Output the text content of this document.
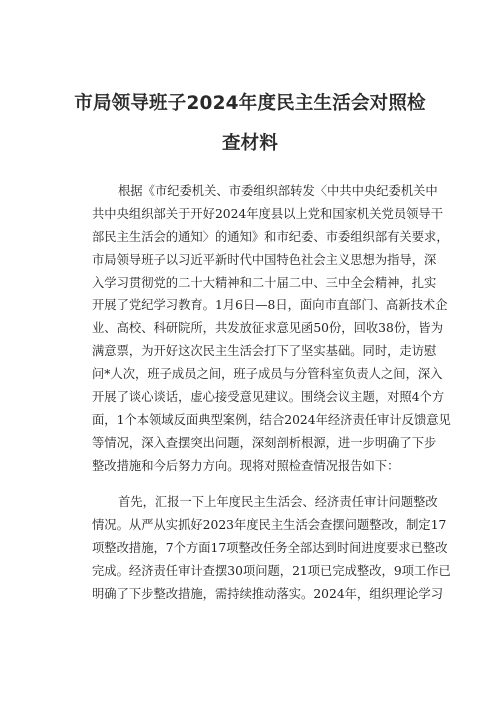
市局领导班子2024年度民主生活会对照检
查材料
根据《市纪委机关、市委组织部转发〈中共中央纪委机关中
共中央组织部关于开好2024年度县以上党和国家机关党员领导干
部民主生活会的通知〉的通知》和市纪委、市委组织部有关要求，
市局领导班子以习近平新时代中国特色社会主义思想为指导，深
入学习贯彻党的二十大精神和二十届二中、三中全会精神，扎实
开展了党纪学习教育。1月6日—8日，面向市直部门、高新技术企
业、高校、科研院所，共发放征求意见函50份，回收38份，皆为
满意票，为开好这次民主生活会打下了坚实基础。同时，走访慰
问*人次，班子成员之间，班子成员与分管科室负责人之间，深入
开展了谈心谈话，虚心接受意见建议。围绕会议主题，对照4个方
面，1个本领域反面典型案例，结合2024年经济责任审计反馈意见
等情况，深入查摆突出问题，深刻剖析根源，进一步明确了下步
整改措施和今后努力方向。现将对照检查情况报告如下：
首先，汇报一下上年度民主生活会、经济责任审计问题整改
情况。从严从实抓好2023年度民主生活会查摆问题整改，制定17
项整改措施，7个方面17项整改任务全部达到时间进度要求已整改
完成。经济责任审计查摆30项问题，21项已完成整改，9项工作已
明确了下步整改措施，需持续推动落实。2024年，组织理论学习
